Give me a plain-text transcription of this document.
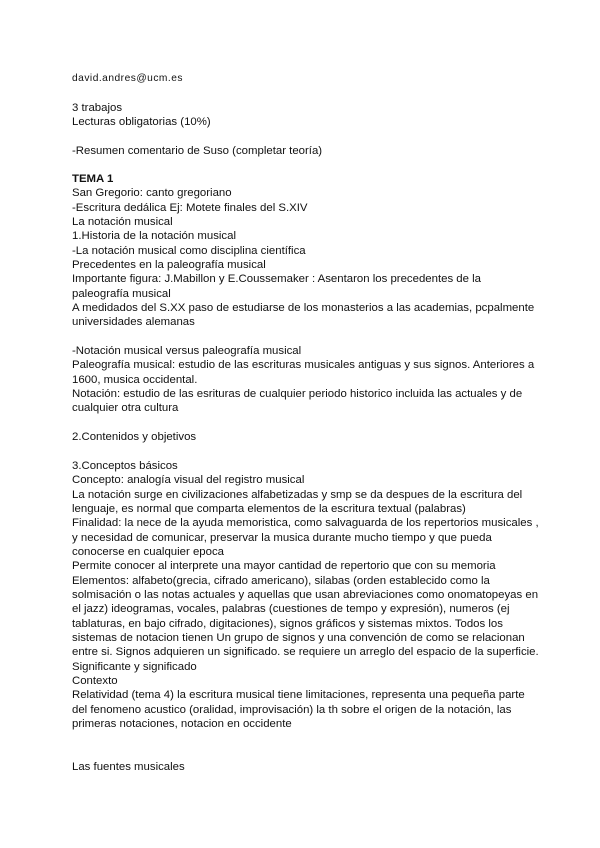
david.andres@ucm.es
3 trabajos
Lecturas obligatorias (10%)
-Resumen comentario de Suso (completar teoría)
TEMA 1
San Gregorio: canto gregoriano
-Escritura dedálica Ej: Motete finales del S.XIV
La notación musical
1.Historia de la notación musical
-La notación musical como disciplina científica
Precedentes en la paleografía musical
Importante figura: J.Mabillon y E.Coussemaker : Asentaron los precedentes de la
paleografía musical
A medidados del S.XX paso de estudiarse de los monasterios a las academias, pcpalmente
universidades alemanas
-Notación musical versus paleografía musical
Paleografía musical: estudio de las escrituras musicales antiguas y sus signos. Anteriores a
1600, musica occidental.
Notación: estudio de las esrituras de cualquier periodo historico incluida las actuales y de
cualquier otra cultura
2.Contenidos y objetivos
3.Conceptos básicos
Concepto: analogía visual del registro musical
La notación surge en civilizaciones alfabetizadas y smp se da despues de la escritura del
lenguaje, es normal que comparta elementos de la escritura textual (palabras)
Finalidad: la nece de la ayuda memoristica, como salvaguarda de los repertorios musicales ,
y necesidad de comunicar, preservar la musica durante mucho tiempo y que pueda
conocerse en cualquier epoca
Permite conocer al interprete una mayor cantidad de repertorio que con su memoria
Elementos: alfabeto(grecia, cifrado americano), silabas (orden establecido como la
solmisación o las notas actuales y aquellas que usan abreviaciones como onomatopeyas en
el jazz) ideogramas, vocales, palabras (cuestiones de tempo y expresión), numeros (ej
tablaturas, en bajo cifrado, digitaciones), signos gráficos y sistemas mixtos. Todos los
sistemas de notacion tienen Un grupo de signos y una convención de como se relacionan
entre si. Signos adquieren un significado. se requiere un arreglo del espacio de la superficie.
Significante y significado
Contexto
Relatividad (tema 4) la escritura musical tiene limitaciones, representa una pequeña parte
del fenomeno acustico (oralidad, improvisación) la th sobre el origen de la notación, las
primeras notaciones, notacion en occidente
Las fuentes musicales
